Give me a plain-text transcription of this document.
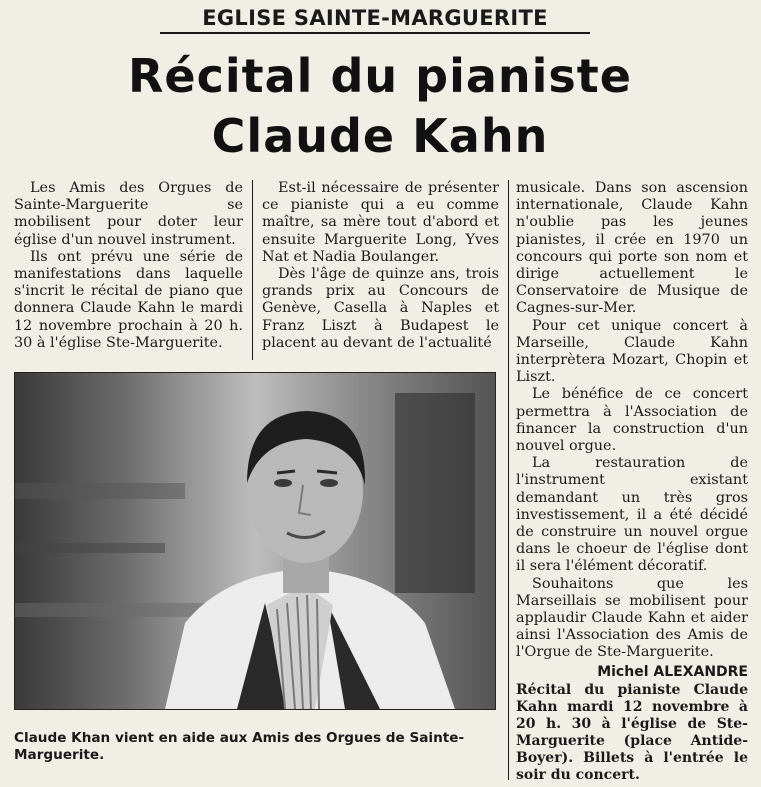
EGLISE SAINTE-MARGUERITE
Récital du pianiste
Claude Kahn

Les Amis des Orgues de Sainte-Marguerite se mobilisent pour doter leur église d'un nouvel instrument.

Ils ont prévu une série de manifestations dans laquelle s'incrit le récital de piano que donnera Claude Kahn le mardi 12 novembre prochain à 20 h. 30 à l'église Ste-Marguerite.

Est-il nécessaire de présenter ce pianiste qui a eu comme maître, sa mère tout d'abord et ensuite Marguerite Long, Yves Nat et Nadia Boulanger.

Dès l'âge de quinze ans, trois grands prix au Concours de Genève, Casella à Naples et Franz Liszt à Budapest le placent au devant de l'actualité

musicale. Dans son ascension internationale, Claude Kahn n'oublie pas les jeunes pianistes, il crée en 1970 un concours qui porte son nom et dirige actuellement le Conservatoire de Musique de Cagnes-sur-Mer.

Pour cet unique concert à Marseille, Claude Kahn interprètera Mozart, Chopin et Liszt.

Le bénéfice de ce concert permettra à l'Association de financer la construction d'un nouvel orgue.

La restauration de l'instrument existant demandant un très gros investissement, il a été décidé de construire un nouvel orgue dans le choeur de l'église dont il sera l'élément décoratif.

Souhaitons que les Marseillais se mobilisent pour applaudir Claude Kahn et aider ainsi l'Association des Amis de l'Orgue de Ste-Marguerite.

Michel ALEXANDRE
Récital du pianiste Claude Kahn mardi 12 novembre à 20 h. 30 à l'église de Ste-Marguerite (place Antide-Boyer). Billets à l'entrée le soir du concert.
Claude Khan vient en aide aux Amis des Orgues de Sainte-Marguerite.
